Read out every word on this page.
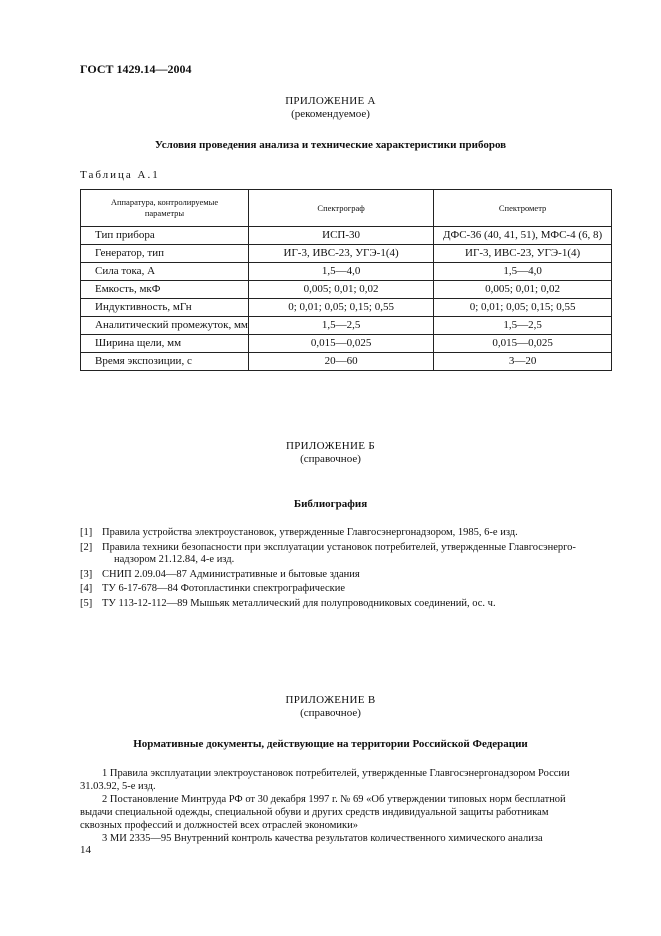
ГОСТ 1429.14—2004
ПРИЛОЖЕНИЕ А
(рекомендуемое)
Условия проведения анализа и технические характеристики приборов
Таблица А.1
Аппаратура, контролируемые параметры	Спектрограф	Спектрометр
Тип прибора	ИСП-30	ДФС-36 (40, 41, 51), МФС-4 (6, 8)
Генератор, тип	ИГ-3, ИВС-23, УГЭ-1(4)	ИГ-3, ИВС-23, УГЭ-1(4)
Сила тока, А	1,5—4,0	1,5—4,0
Емкость, мкФ	0,005; 0,01; 0,02	0,005; 0,01; 0,02
Индуктивность, мГн	0; 0,01; 0,05; 0,15; 0,55	0; 0,01; 0,05; 0,15; 0,55
Аналитический промежуток, мм	1,5—2,5	1,5—2,5
Ширина щели, мм	0,015—0,025	0,015—0,025
Время экспозиции, с	20—60	3—20
ПРИЛОЖЕНИЕ Б
(справочное)
Библиография
[1] Правила устройства электроустановок, утвержденные Главгосэнергонадзором, 1985, 6-е изд.
[2] Правила техники безопасности при эксплуатации установок потребителей, утвержденные Главгосэнерго-
надзором 21.12.84, 4-е изд.
[3] СНИП 2.09.04—87 Административные и бытовые здания
[4] ТУ 6-17-678—84 Фотопластинки спектрографические
[5] ТУ 113-12-112—89 Мышьяк металлический для полупроводниковых соединений, ос. ч.
ПРИЛОЖЕНИЕ В
(справочное)
Нормативные документы, действующие на территории Российской Федерации
1 Правила эксплуатации электроустановок потребителей, утвержденные Главгосэнергонадзором России
31.03.92, 5-е изд.
2 Постановление Минтруда РФ от 30 декабря 1997 г. № 69 «Об утверждении типовых норм бесплатной
выдачи специальной одежды, специальной обуви и других средств индивидуальной защиты работникам
сквозных профессий и должностей всех отраслей экономики»
3 МИ 2335—95 Внутренний контроль качества результатов количественного химического анализа
14
